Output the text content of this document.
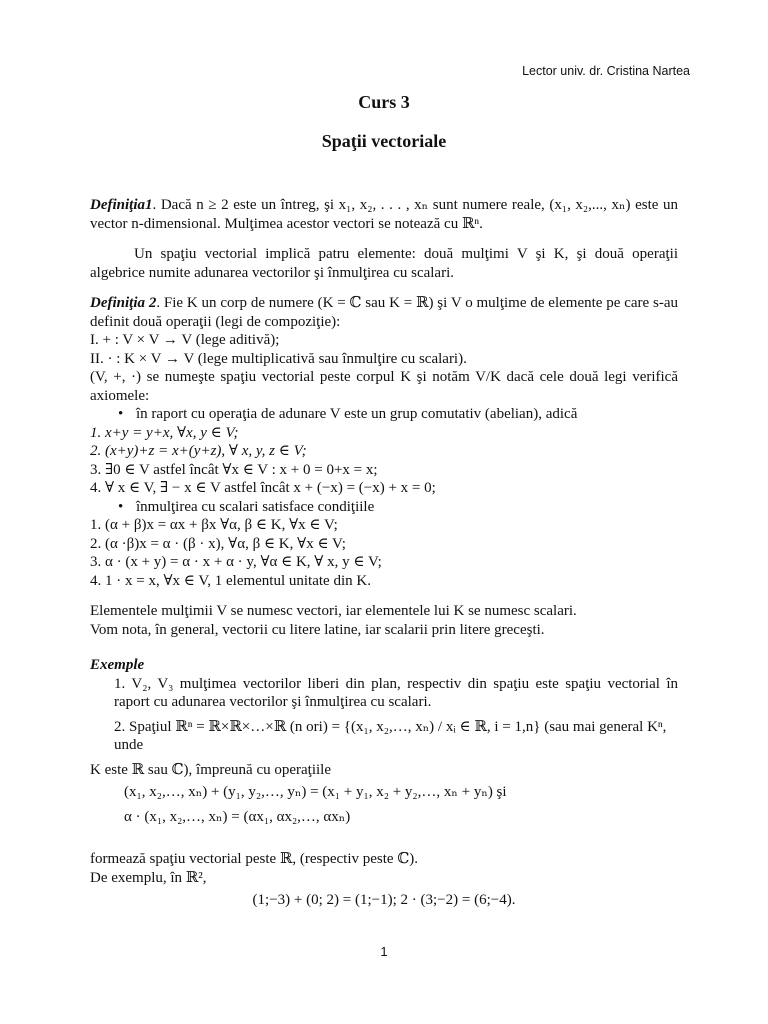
Lector univ. dr. Cristina Nartea
Curs 3
Spaţii vectoriale

Definiţia1. Dacă n ≥ 2 este un întreg, şi x₁, x₂, . . . , xₙ sunt numere reale, (x₁, x₂,..., xₙ) este un vector n-dimensional. Mulţimea acestor vectori se notează cu ℝⁿ.

Un spaţiu vectorial implică patru elemente: două mulţimi V şi K, şi două operaţii algebrice numite adunarea vectorilor şi înmulţirea cu scalari.

Definiţia 2. Fie K un corp de numere (K = ℂ sau K = ℝ) şi V o mulţime de elemente pe care s-au definit două operaţii (legi de compoziţie):

I. + : V × V → V (lege aditivă);

II. · : K × V → V (lege multiplicativă sau înmulţire cu scalari).

(V, +, ·) se numeşte spaţiu vectorial peste corpul K şi notăm V/K dacă cele două legi verifică axiomele:

• în raport cu operaţia de adunare V este un grup comutativ (abelian), adică

1. x+y = y+x, ∀x, y ∈ V;

2. (x+y)+z = x+(y+z), ∀ x, y, z ∈ V;

3. ∃0 ∈ V astfel încât ∀x ∈ V : x + 0 = 0+x = x;

4. ∀ x ∈ V, ∃ − x ∈ V astfel încât x + (−x) = (−x) + x = 0;

• înmulţirea cu scalari satisface condiţiile

1. (α + β)x = αx + βx ∀α, β ∈ K, ∀x ∈ V;

2. (α ·β)x = α · (β · x), ∀α, β ∈ K, ∀x ∈ V;

3. α · (x + y) = α · x + α · y, ∀α ∈ K, ∀ x, y ∈ V;

4. 1 · x = x, ∀x ∈ V, 1 elementul unitate din K.

Elementele mulţimii V se numesc vectori, iar elementele lui K se numesc scalari.

Vom nota, în general, vectorii cu litere latine, iar scalarii prin litere greceşti.

Exemple

1. V₂, V₃ mulţimea vectorilor liberi din plan, respectiv din spaţiu este spaţiu vectorial în raport cu adunarea vectorilor şi înmulţirea cu scalari.

2. Spaţiul ℝⁿ = ℝ×ℝ×…×ℝ (n ori) = {(x₁, x₂,…, xₙ) / xᵢ ∈ ℝ, i = 1,n} (sau mai general Kⁿ, unde

K este ℝ sau ℂ), împreună cu operaţiile

(x₁, x₂,…, xₙ) + (y₁, y₂,…, yₙ) = (x₁ + y₁, x₂ + y₂,…, xₙ + yₙ) şi

α · (x₁, x₂,…, xₙ) = (αx₁, αx₂,…, αxₙ)

formează spaţiu vectorial peste ℝ, (respectiv peste ℂ).

De exemplu, în ℝ²,

(1;−3) + (0; 2) = (1;−1); 2 · (3;−2) = (6;−4).

1
